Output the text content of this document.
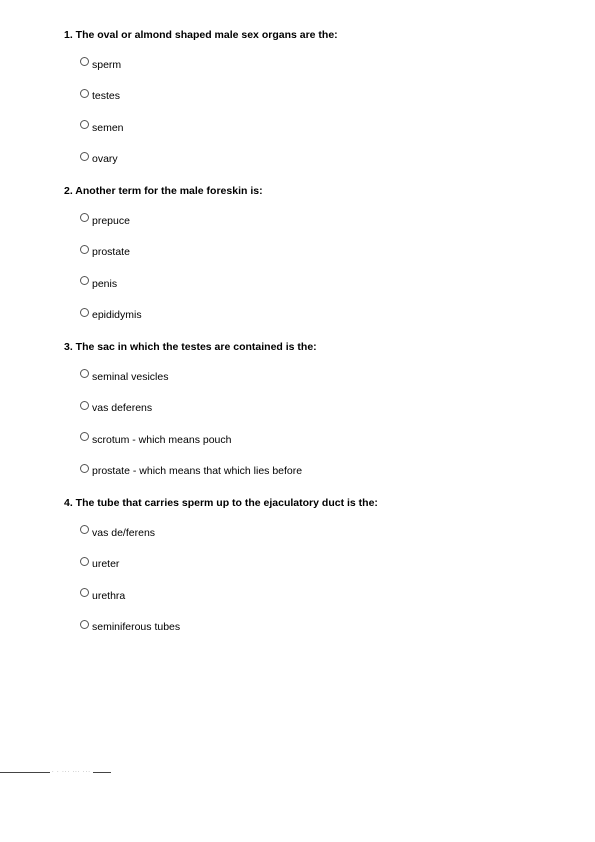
1. The oval or almond shaped male sex organs are the:

sperm
testes
semen
ovary

2. Another term for the male foreskin is:

prepuce
prostate
penis
epididymis

3. The sac in which the testes are contained is the:

seminal vesicles
vas deferens
scrotum - which means pouch
prostate - which means that which lies before

4. The tube that carries sperm up to the ejaculatory duct is the:

vas de/ferens
ureter
urethra
seminiferous tubes
· · ··· ··· ···
